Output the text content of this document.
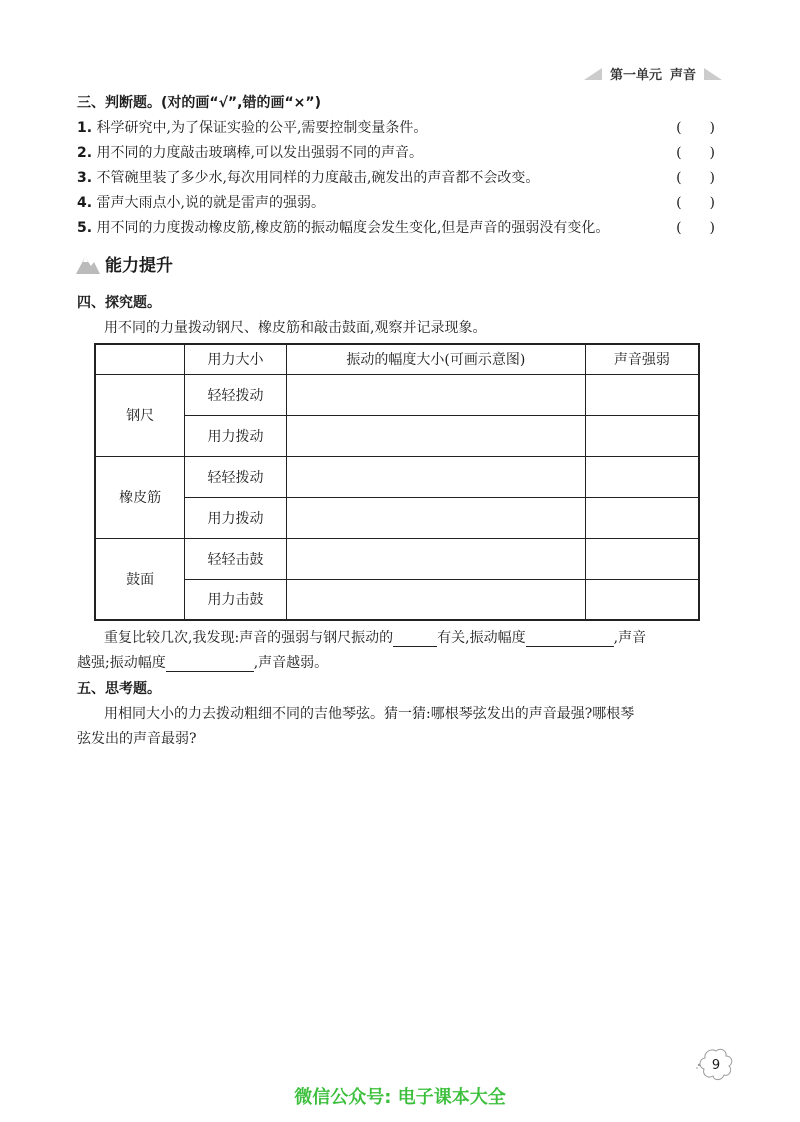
第一单元 声音
三、判断题。(对的画“√”,错的画“×”)
1. 科学研究中,为了保证实验的公平,需要控制变量条件。	(　　)
2. 用不同的力度敲击玻璃棒,可以发出强弱不同的声音。	(　　)
3. 不管碗里装了多少水,每次用同样的力度敲击,碗发出的声音都不会改变。	(　　)
4. 雷声大雨点小,说的就是雷声的强弱。	(　　)
5. 用不同的力度拨动橡皮筋,橡皮筋的振动幅度会发生变化,但是声音的强弱没有变化。	(　　)
能力提升
四、探究题。
用不同的力量拨动钢尺、橡皮筋和敲击鼓面,观察并记录现象。
	用力大小	振动的幅度大小(可画示意图)	声音强弱
钢尺	轻轻拨动		
	用力拨动		
橡皮筋	轻轻拨动		
	用力拨动		
鼓面	轻轻击鼓		
	用力击鼓		
重复比较几次,我发现:声音的强弱与钢尺振动的	有关,振动幅度	,声音
越强;振动幅度	,声音越弱。
五、思考题。
用相同大小的力去拨动粗细不同的吉他琴弦。猜一猜:哪根琴弦发出的声音最强?哪根琴
弦发出的声音最弱?
9
微信公众号: 电子课本大全
